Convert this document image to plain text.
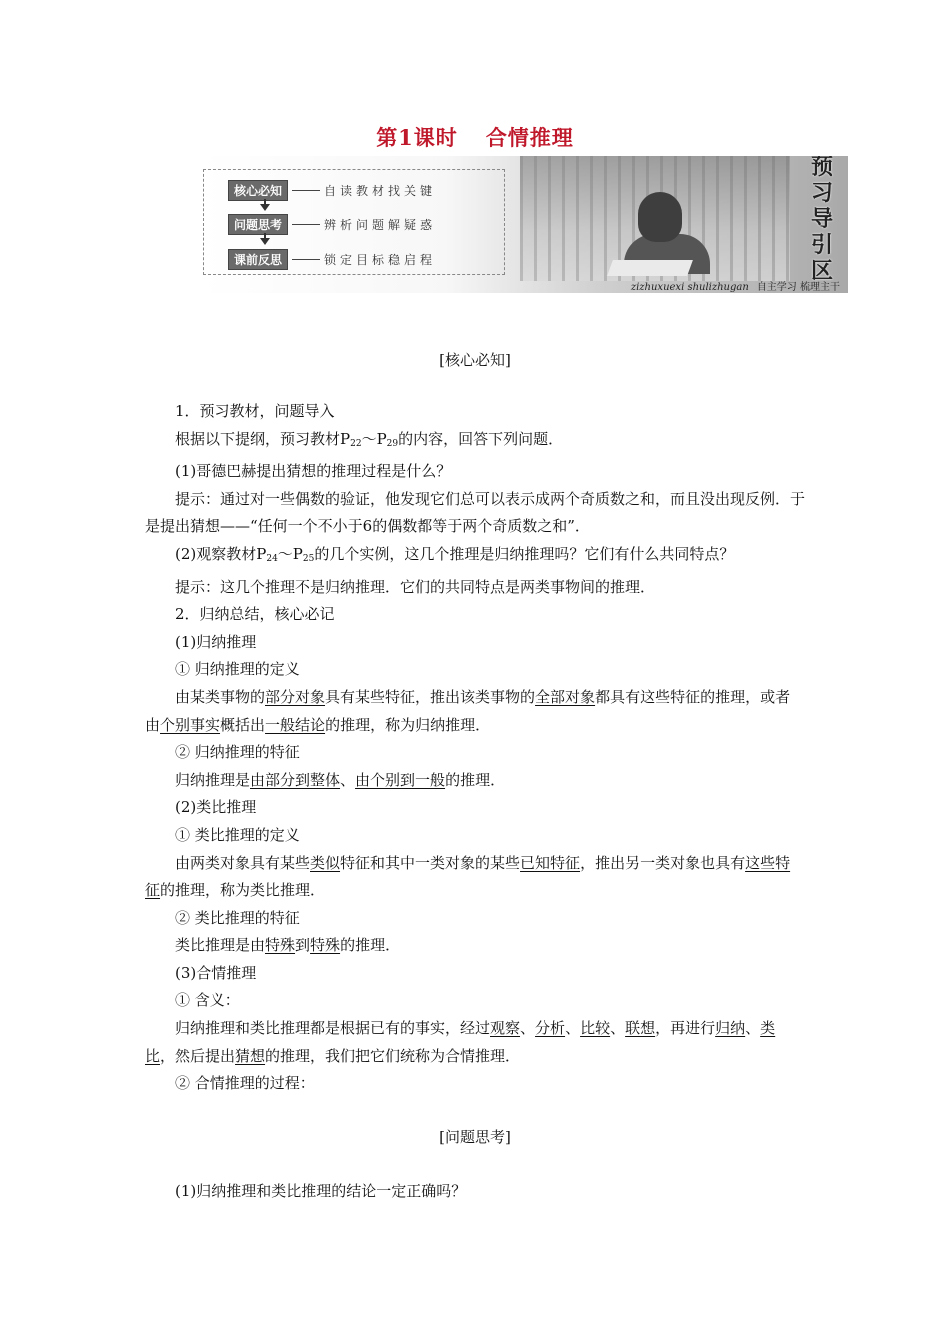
第1课时 合情推理
核心必知	自读教材找关键
问题思考	辨析问题解疑惑
课前反思	锁定目标稳启程
预
习
导
引
区
zizhuxuexi shulizhugan 自主学习 梳理主干
[核心必知]

1．预习教材，问题导入

根据以下提纲，预习教材$P_{22}\sim P_{29}$的内容，回答下列问题．

(1)哥德巴赫提出猜想的推理过程是什么？

提示：通过对一些偶数的验证，他发现它们总可以表示成两个奇质数之和，而且没出现反例．于是提出猜想——“任何一个不小于6的偶数都等于两个奇质数之和”．

(2)观察教材$P_{24}\sim P_{25}$的几个实例，这几个推理是归纳推理吗？它们有什么共同特点？

提示：这几个推理不是归纳推理．它们的共同特点是两类事物间的推理．

2．归纳总结，核心必记

(1)归纳推理

① 归纳推理的定义

由某类事物的部分对象具有某些特征，推出该类事物的全部对象都具有这些特征的推理，或者由个别事实概括出一般结论的推理，称为归纳推理．

② 归纳推理的特征

归纳推理是由部分到整体、由个别到一般的推理．

(2)类比推理

① 类比推理的定义

由两类对象具有某些类似特征和其中一类对象的某些已知特征，推出另一类对象也具有这些特征的推理，称为类比推理．

② 类比推理的特征

类比推理是由特殊到特殊的推理．

(3)合情推理

① 含义：

归纳推理和类比推理都是根据已有的事实，经过观察、分析、比较、联想，再进行归纳、类比，然后提出猜想的推理，我们把它们统称为合情推理．

② 合情推理的过程：

[问题思考]

(1)归纳推理和类比推理的结论一定正确吗？
